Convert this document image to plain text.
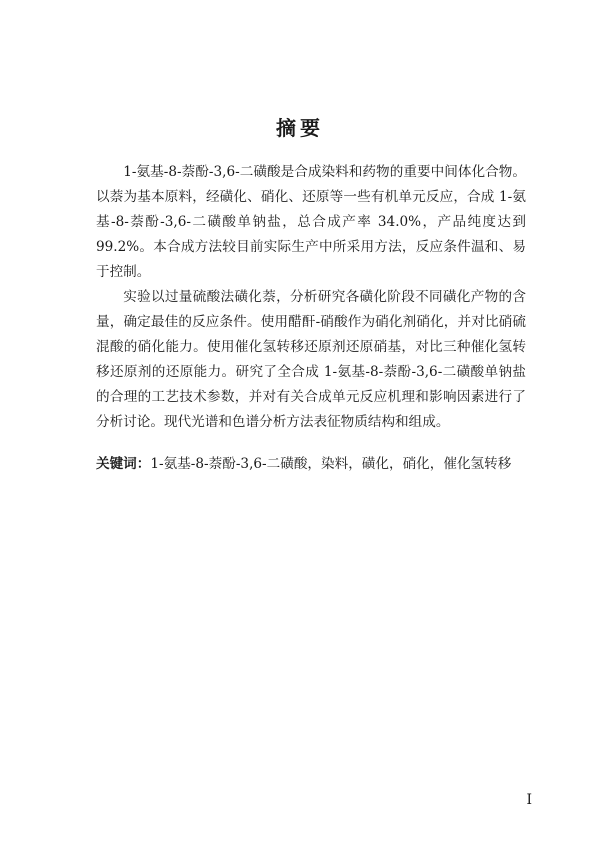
摘要

1-氨基-8-萘酚-3,6-二磺酸是合成染料和药物的重要中间体化合物。以萘为基本原料，经磺化、硝化、还原等一些有机单元反应，合成 1-氨基-8-萘酚-3,6-二磺酸单钠盐，总合成产率 34.0%，产品纯度达到 99.2%。本合成方法较目前实际生产中所采用方法，反应条件温和、易于控制。

实验以过量硫酸法磺化萘，分析研究各磺化阶段不同磺化产物的含量，确定最佳的反应条件。使用醋酐-硝酸作为硝化剂硝化，并对比硝硫混酸的硝化能力。使用催化氢转移还原剂还原硝基，对比三种催化氢转移还原剂的还原能力。研究了全合成 1-氨基-8-萘酚-3,6-二磺酸单钠盐的合理的工艺技术参数，并对有关合成单元反应机理和影响因素进行了分析讨论。现代光谱和色谱分析方法表征物质结构和组成。

关键词：1-氨基-8-萘酚-3,6-二磺酸，染料，磺化，硝化，催化氢转移
I
